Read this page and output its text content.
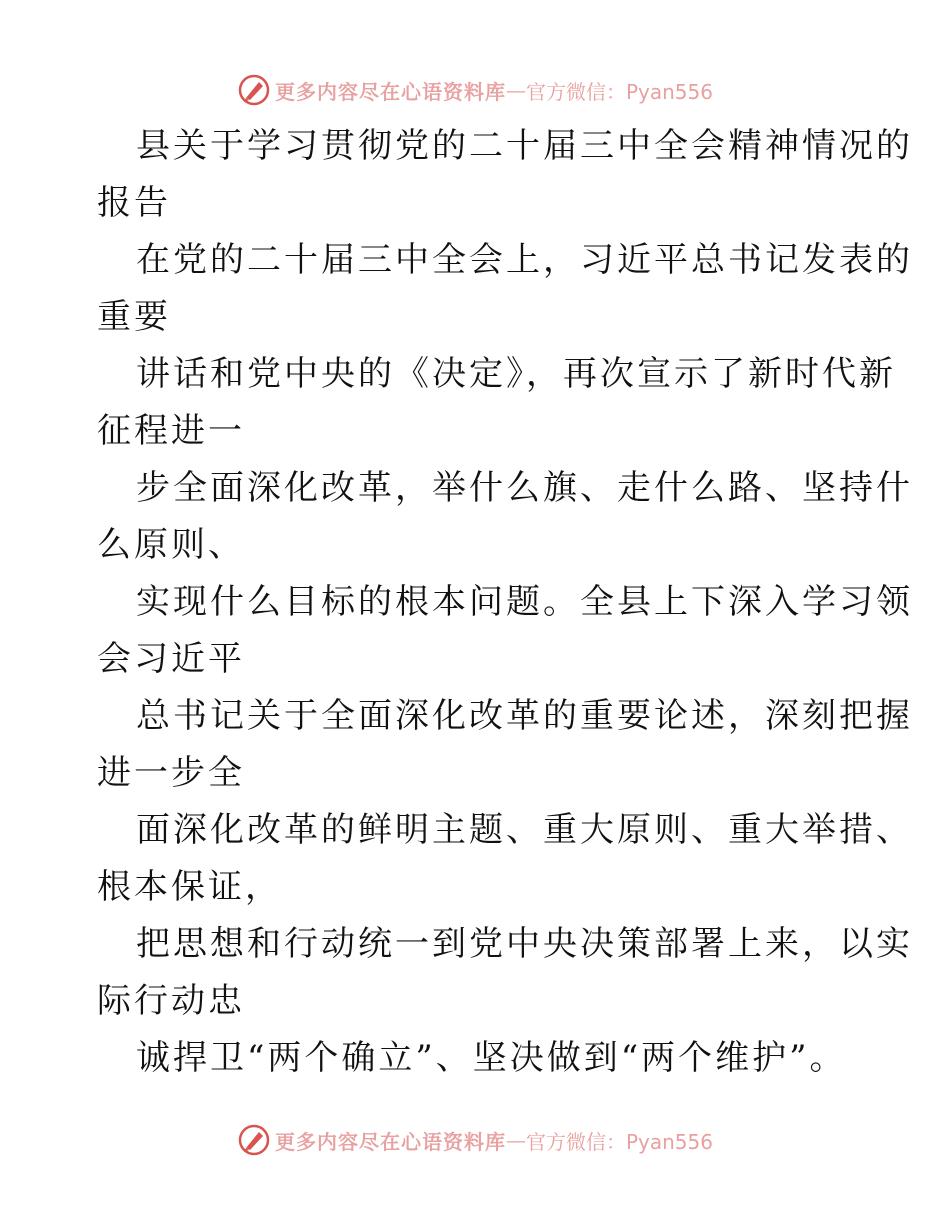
更多内容尽在心语资料库 — 官方微信：Pyan556
县关于学习贯彻党的二十届三中全会精神情况的
报告
在党的二十届三中全会上，习近平总书记发表的
重要
讲话和党中央的《决定》，再次宣示了新时代新
征程进一
步全面深化改革，举什么旗、走什么路、坚持什
么原则、
实现什么目标的根本问题。全县上下深入学习领
会习近平
总书记关于全面深化改革的重要论述，深刻把握
进一步全
面深化改革的鲜明主题、重大原则、重大举措、
根本保证，
把思想和行动统一到党中央决策部署上来，以实
际行动忠
诚捍卫“两个确立”、坚决做到“两个维护”。
更多内容尽在心语资料库 — 官方微信：Pyan556
